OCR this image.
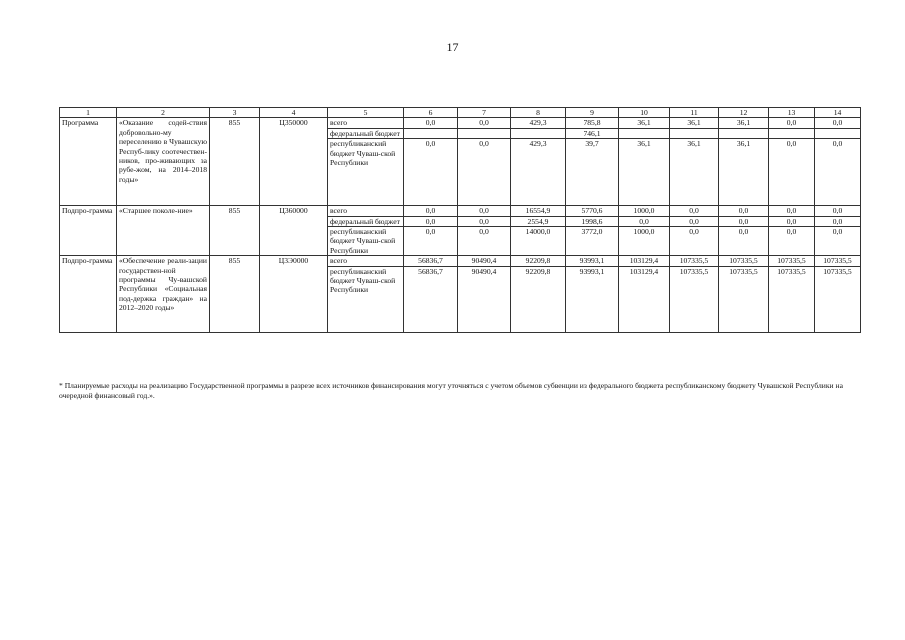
17
1	2	3	4	5	6	7	8	9	10	11	12	13	14
Программа	«Оказание содей-ствия добровольно-му переселению в Чувашскую Респуб-лику соотечествен-ников, про-живающих за рубе-жом, на 2014–2018 годы»	855	Ц350000	всего	0,0	0,0	429,3	785,8	36,1	36,1	36,1	0,0	0,0
				федеральный бюджет				746,1					
				республиканский бюджет Чуваш-ской Республики	0,0	0,0	429,3	39,7	36,1	36,1	36,1	0,0	0,0
Подпро-грамма	«Старшее поколе-ние»	855	Ц360000	всего	0,0	0,0	16554,9	5770,6	1000,0	0,0	0,0	0,0	0,0
				федеральный бюджет	0,0	0,0	2554,9	1998,6	0,0	0,0	0,0	0,0	0,0
				республиканский бюджет Чуваш-ской Республики	0,0	0,0	14000,0	3772,0	1000,0	0,0	0,0	0,0	0,0
Подпро-грамма	«Обеспечение реали-зации государствен-ной программы Чу-вашской Республики «Социальная под-держка граждан» на 2012–2020 годы»	855	Ц3Э0000	всего	56836,7	90490,4	92209,8	93993,1	103129,4	107335,5	107335,5	107335,5	107335,5
				республиканский бюджет Чуваш-ской Республики	56836,7	90490,4	92209,8	93993,1	103129,4	107335,5	107335,5	107335,5	107335,5
* Планируемые расходы на реализацию Государственной программы в разрезе всех источников финансирования могут уточняться с учетом объемов субвенции из федерального бюджета республиканскому бюджету Чувашской Республики на очередной финансовый год.».
